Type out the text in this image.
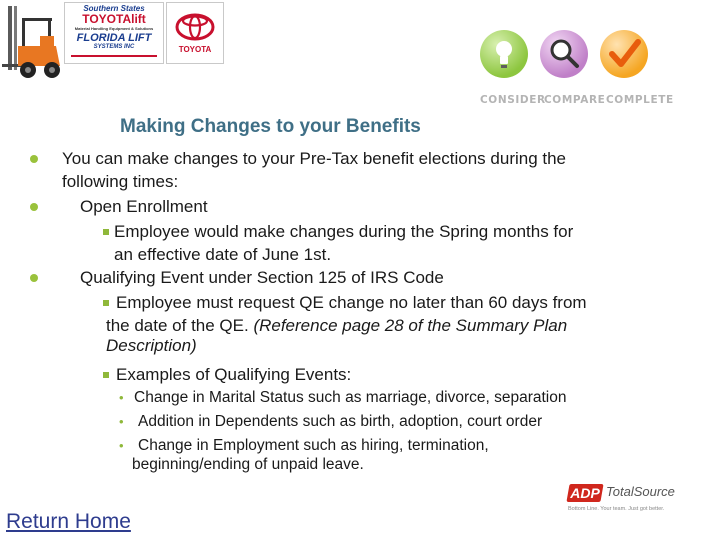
Southern States
TOYOTAlift
Material Handling Equipment & Solutions
FLORIDA LIFT
SYSTEMS INC	TOYOTA
CONSIDER
COMPARE COMPLETE
Making Changes to your Benefits
You can make changes to your Pre-Tax benefit elections during the
following times:
Open Enrollment
Employee would make changes during the Spring months for
an effective date of June 1st.
Qualifying Event under Section 125 of IRS Code
Employee must request QE change no later than 60 days from
the date of the QE. (Reference page 28 of the Summary Plan
Description)
Examples of Qualifying Events:
• Change in Marital Status such as marriage, divorce, separation
• Addition in Dependents such as birth, adoption, court order
• Change in Employment such as hiring, termination,
beginning/ending of unpaid leave.
Return Home
ADP TotalSource
Bottom Line. Your team. Just got better.
